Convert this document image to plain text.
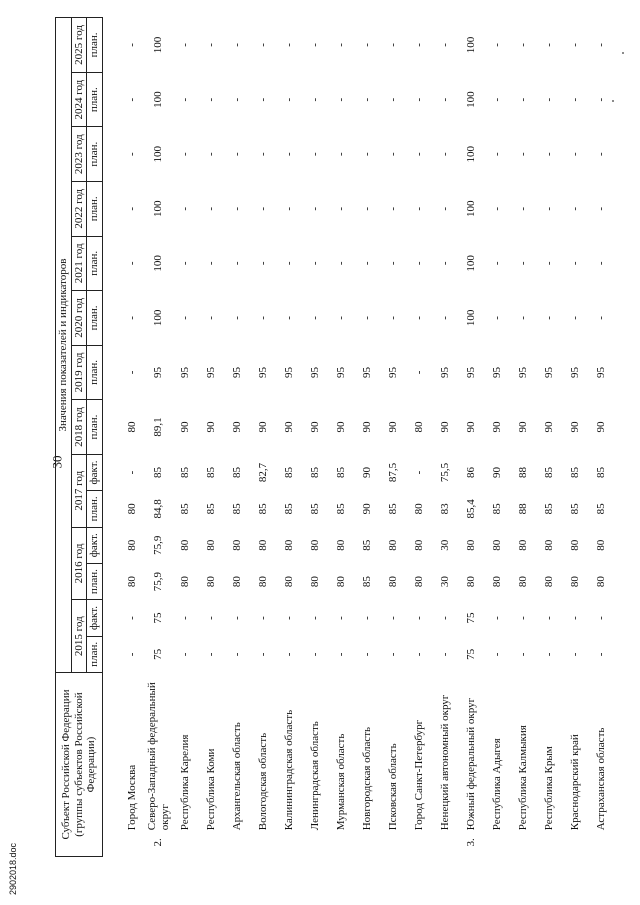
30
Субъект Российской Федерации (группы субъектов Российской Федерации)		Значения показателей и индикаторов													
		2015 год		2016 год		2017 год		2018 год	2019 год	2020 год	2021 год	2022 год	2023 год	2024 год	2025 год
		план.	факт.	план.	факт.	план.	факт.	план.	план.	план.	план.	план.	план.	план.	план.

	Город Москва	-	-	80	80	80	-	80	-	-	-	-	-	-	-
2.	Северо-Западный федеральный округ	75	75	75,9	75,9	84,8	85	89,1	95	100	100	100	100	100	100
	Республика Карелия	-	-	80	80	85	85	90	95	-	-	-	-	-	-
	Республика Коми	-	-	80	80	85	85	90	95	-	-	-	-	-	-
	Архангельская область	-	-	80	80	85	85	90	95	-	-	-	-	-	-
	Вологодская область	-	-	80	80	85	82,7	90	95	-	-	-	-	-	-
	Калининградская область	-	-	80	80	85	85	90	95	-	-	-	-	-	-
	Ленинградская область	-	-	80	80	85	85	90	95	-	-	-	-	-	-
	Мурманская область	-	-	80	80	85	85	90	95	-	-	-	-	-	-
	Новгородская область	-	-	85	85	90	90	90	95	-	-	-	-	-	-
	Псковская область	-	-	80	80	85	87,5	90	95	-	-	-	-	-	-
	Город Санкт-Петербург	-	-	80	80	80	-	80	-	-	-	-	-	-	-
	Ненецкий автономный округ	-	-	30	30	83	75,5	90	95	-	-	-	-	-	-
3.	Южный федеральный округ	75	75	80	80	85,4	86	90	95	100	100	100	100	100	100
	Республика Адыгея	-	-	80	80	85	90	90	95	-	-	-	-	-	-
	Республика Калмыкия	-	-	80	80	88	88	90	95	-	-	-	-	-	-
	Республика Крым	-	-	80	80	85	85	90	95	-	-	-	-	-	-
	Краснодарский край	-	-	80	80	85	85	90	95	-	-	-	-	-	-
	Астраханская область	-	-	80	80	85	85	90	95	-	-	-	-	-	-
2902018.doc
